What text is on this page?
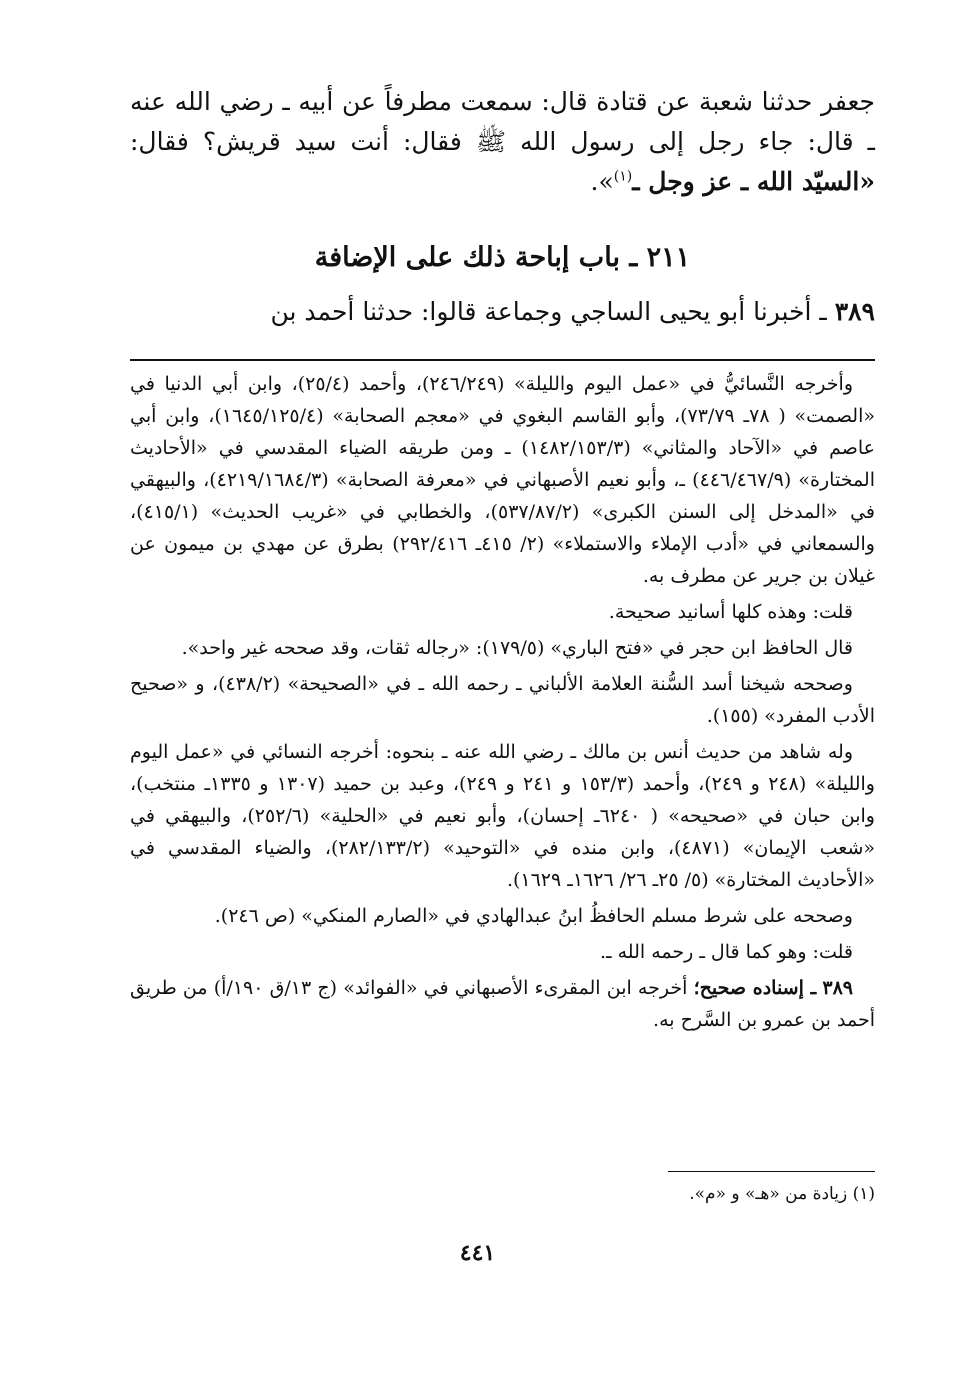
جعفر حدثنا شعبة عن قتادة قال: سمعت مطرفاً عن أبيه ـ رضي الله عنه ـ قال: جاء رجل إلى رسول الله ﷺ فقال: أنت سيد قريش؟ فقال: «السيّد الله ـ عز وجل ـ$^{(١)}$».

٢١١ ـ باب إباحة ذلك على الإضافة
٣٨٩ ـ أخبرنا أبو يحيى الساجي وجماعة قالوا: حدثنا أحمد بن

وأخرجه النَّسائيُّ في «عمل اليوم والليلة» (٢٤٦/٢٤٩)، وأحمد (٢٥/٤)، وابن أبي الدنيا في «الصمت» ( ٧٨ـ ٧٣/٧٩)، وأبو القاسم البغوي في «معجم الصحابة» (١٦٤٥/١٢٥/٤)، وابن أبي عاصم في «الآحاد والمثاني» (١٤٨٢/١٥٣/٣) ـ ومن طريقه الضياء المقدسي في «الأحاديث المختارة» (٤٤٦/٤٦٧/٩) ـ، وأبو نعيم الأصبهاني في «معرفة الصحابة» (٤٢١٩/١٦٨٤/٣)، والبيهقي في «المدخل إلى السنن الكبرى» (٥٣٧/٨٧/٢)، والخطابي في «غريب الحديث» (٤١٥/١)، والسمعاني في «أدب الإملاء والاستملاء» (٢/ ٤١٥ـ ٢٩٢/٤١٦) بطرق عن مهدي بن ميمون عن غيلان بن جرير عن مطرف به.

قلت: وهذه كلها أسانيد صحيحة.

قال الحافظ ابن حجر في «فتح الباري» (١٧٩/٥): «رجاله ثقات، وقد صححه غير واحد».

وصححه شيخنا أسد السُّنة العلامة الألباني ـ رحمه الله ـ في «الصحيحة» (٤٣٨/٢)، و «صحيح الأدب المفرد» (١٥٥).

وله شاهد من حديث أنس بن مالك ـ رضي الله عنه ـ بنحوه: أخرجه النسائي في «عمل اليوم والليلة» (٢٤٨ و ٢٤٩)، وأحمد (١٥٣/٣ و ٢٤١ و ٢٤٩)، وعبد بن حميد (١٣٠٧ و ١٣٣٥ـ منتخب)، وابن حبان في «صحيحه» ( ٦٢٤٠ـ إحسان)، وأبو نعيم في «الحلية» (٢٥٢/٦)، والبيهقي في «شعب الإيمان» (٤٨٧١)، وابن منده في «التوحيد» (٢٨٢/١٣٣/٢)، والضياء المقدسي في «الأحاديث المختارة» (٥/ ٢٥ـ ٢٦/ ١٦٢٦ـ ١٦٢٩).

وصححه على شرط مسلم الحافظُ ابنُ عبدالهادي في «الصارم المنكي» (ص ٢٤٦).

قلت: وهو كما قال ـ رحمه الله ـ.

٣٨٩ ـ إسناده صحيح؛ أخرجه ابن المقرىء الأصبهاني في «الفوائد» (ج ١٣/ق ١٩٠/أ) من طريق أحمد بن عمرو بن السَّرح به.

(١) زيادة من «هـ» و «م».
٤٤١
